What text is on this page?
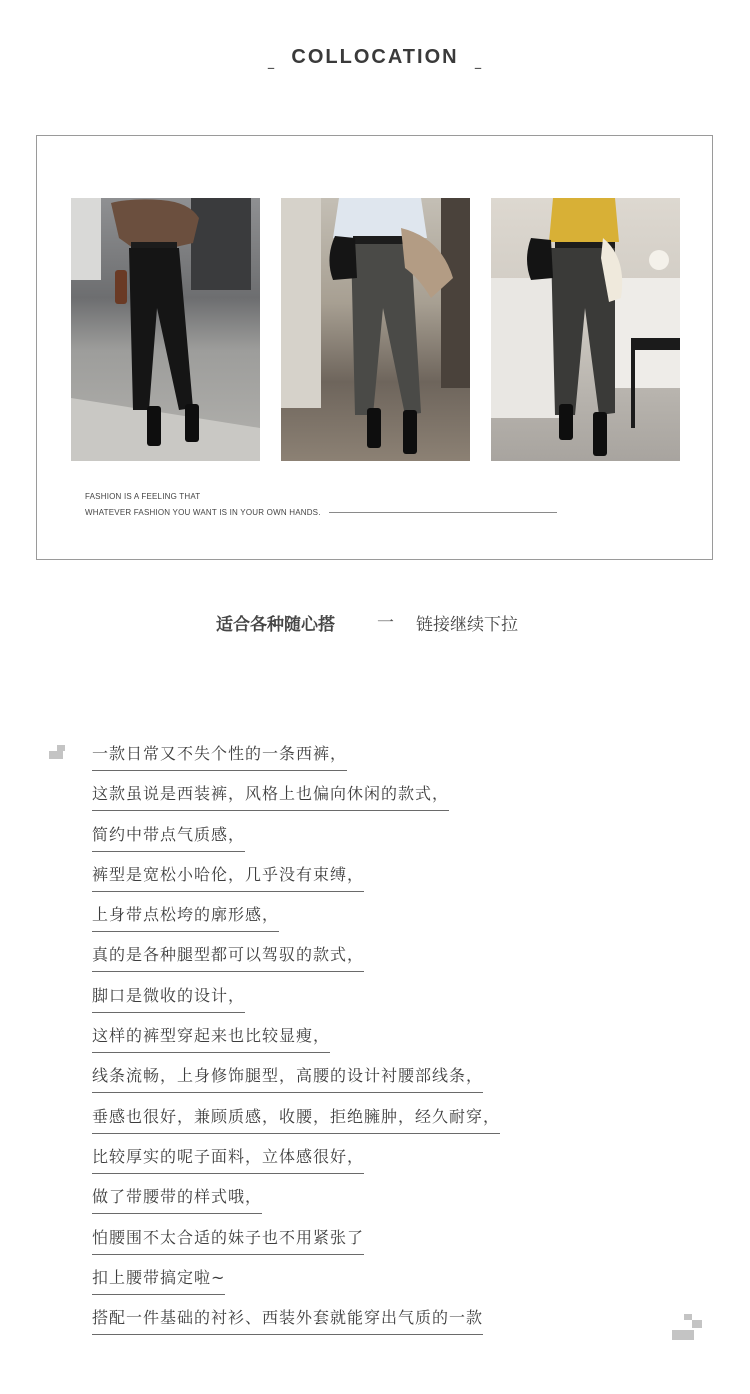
– COLLOCATION –
FASHION IS A FEELING THAT
WHATEVER FASHION YOU WANT IS IN YOUR OWN HANDS.
适合各种随心搭 一 链接继续下拉
一款日常又不失个性的一条西裤，
这款虽说是西装裤，风格上也偏向休闲的款式，
简约中带点气质感，
裤型是宽松小哈伦，几乎没有束缚，
上身带点松垮的廓形感，
真的是各种腿型都可以驾驭的款式，
脚口是微收的设计，
这样的裤型穿起来也比较显瘦，
线条流畅，上身修饰腿型，高腰的设计衬腰部线条，
垂感也很好，兼顾质感，收腰，拒绝臃肿，经久耐穿，
比较厚实的呢子面料，立体感很好，
做了带腰带的样式哦，
怕腰围不太合适的妹子也不用紧张了
扣上腰带搞定啦~
搭配一件基础的衬衫、西装外套就能穿出气质的一款
